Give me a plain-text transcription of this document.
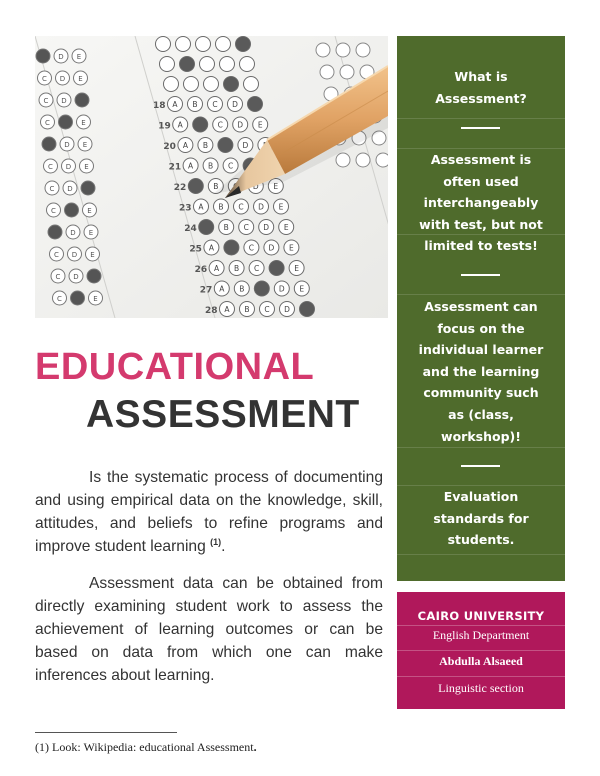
18 A B C D
19 A	C D E
20 A B	D
21 A B C
22	B	D E
23 A B C D E
24	B C D E
25 A	C D E
26 A B C	E
27 A B	D E
28 A B C D
D E
C D E
C D
C	E
D E
C D E
C D
C	E
D E
C D E
C D
C	E
EDUCATIONAL
ASSESSMENT

Is the systematic process of documenting and using empirical data on the knowledge, skill, attitudes, and beliefs to refine programs and improve student learning $^{(1)}$.

Assessment data can be obtained from directly examining student work to assess the achievement of learning outcomes or can be based on data from which one can make inferences about learning.

(1) Look: Wikipedia: educational Assessment.
What is
Assessment?
Assessment is
often used
interchangeably
with test, but not
limited to tests!
Assessment can
focus on the
individual learner
and the learning
community such
as (class,
workshop)!
Evaluation
standards for
students.
CAIRO UNIVERSITY
English Department
Abdulla Alsaeed
Linguistic section
